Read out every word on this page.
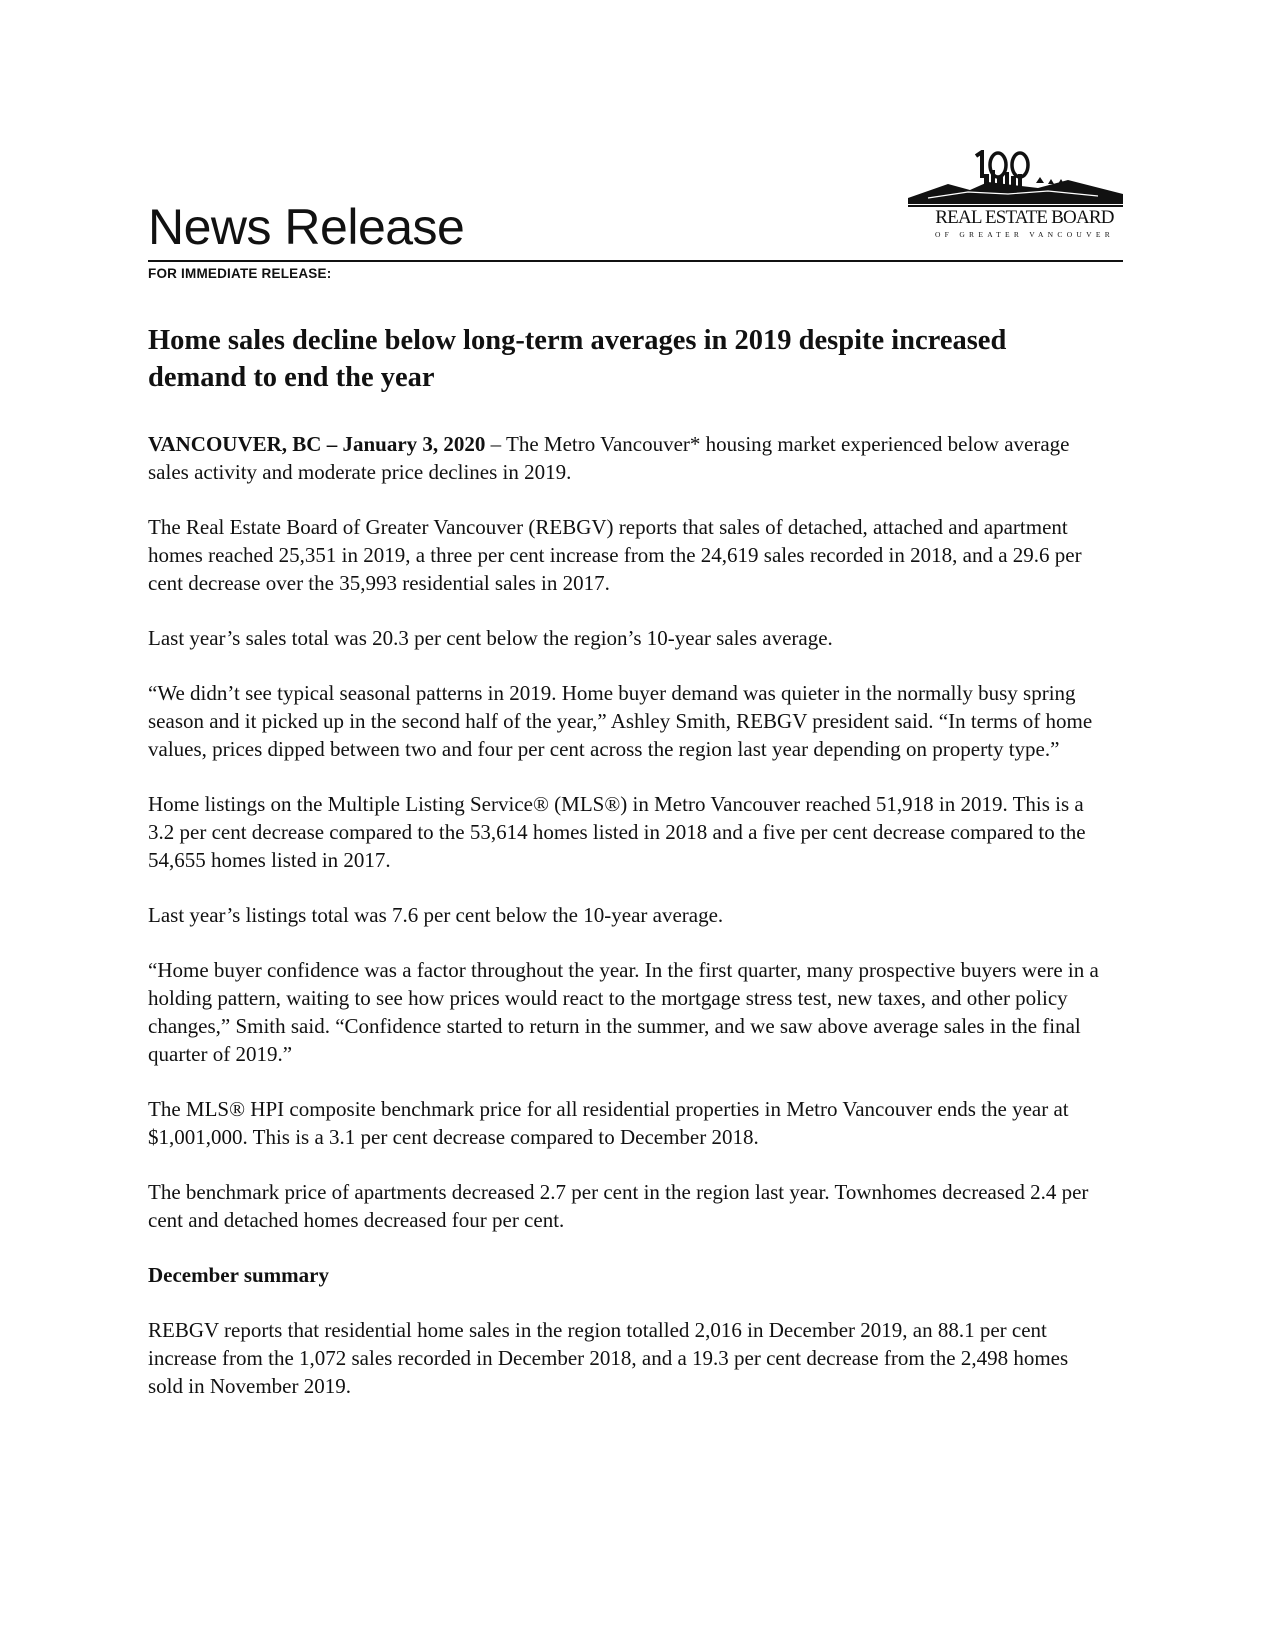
News Release	REAL ESTATE BOARD
OF GREATER VANCOUVER
FOR IMMEDIATE RELEASE:
Home sales decline below long-term averages in 2019 despite increased demand to end the year

VANCOUVER, BC – January 3, 2020 – The Metro Vancouver* housing market experienced below average sales activity and moderate price declines in 2019.

The Real Estate Board of Greater Vancouver (REBGV) reports that sales of detached, attached and apartment homes reached 25,351 in 2019, a three per cent increase from the 24,619 sales recorded in 2018, and a 29.6 per cent decrease over the 35,993 residential sales in 2017.

Last year’s sales total was 20.3 per cent below the region’s 10-year sales average.

“We didn’t see typical seasonal patterns in 2019. Home buyer demand was quieter in the normally busy spring season and it picked up in the second half of the year,” Ashley Smith, REBGV president said. “In terms of home values, prices dipped between two and four per cent across the region last year depending on property type.”

Home listings on the Multiple Listing Service® (MLS®) in Metro Vancouver reached 51,918 in 2019. This is a 3.2 per cent decrease compared to the 53,614 homes listed in 2018 and a five per cent decrease compared to the 54,655 homes listed in 2017.

Last year’s listings total was 7.6 per cent below the 10-year average.

“Home buyer confidence was a factor throughout the year. In the first quarter, many prospective buyers were in a holding pattern, waiting to see how prices would react to the mortgage stress test, new taxes, and other policy changes,” Smith said. “Confidence started to return in the summer, and we saw above average sales in the final quarter of 2019.”

The MLS® HPI composite benchmark price for all residential properties in Metro Vancouver ends the year at $1,001,000. This is a 3.1 per cent decrease compared to December 2018.

The benchmark price of apartments decreased 2.7 per cent in the region last year. Townhomes decreased 2.4 per cent and detached homes decreased four per cent.

December summary

REBGV reports that residential home sales in the region totalled 2,016 in December 2019, an 88.1 per cent increase from the 1,072 sales recorded in December 2018, and a 19.3 per cent decrease from the 2,498 homes sold in November 2019.
